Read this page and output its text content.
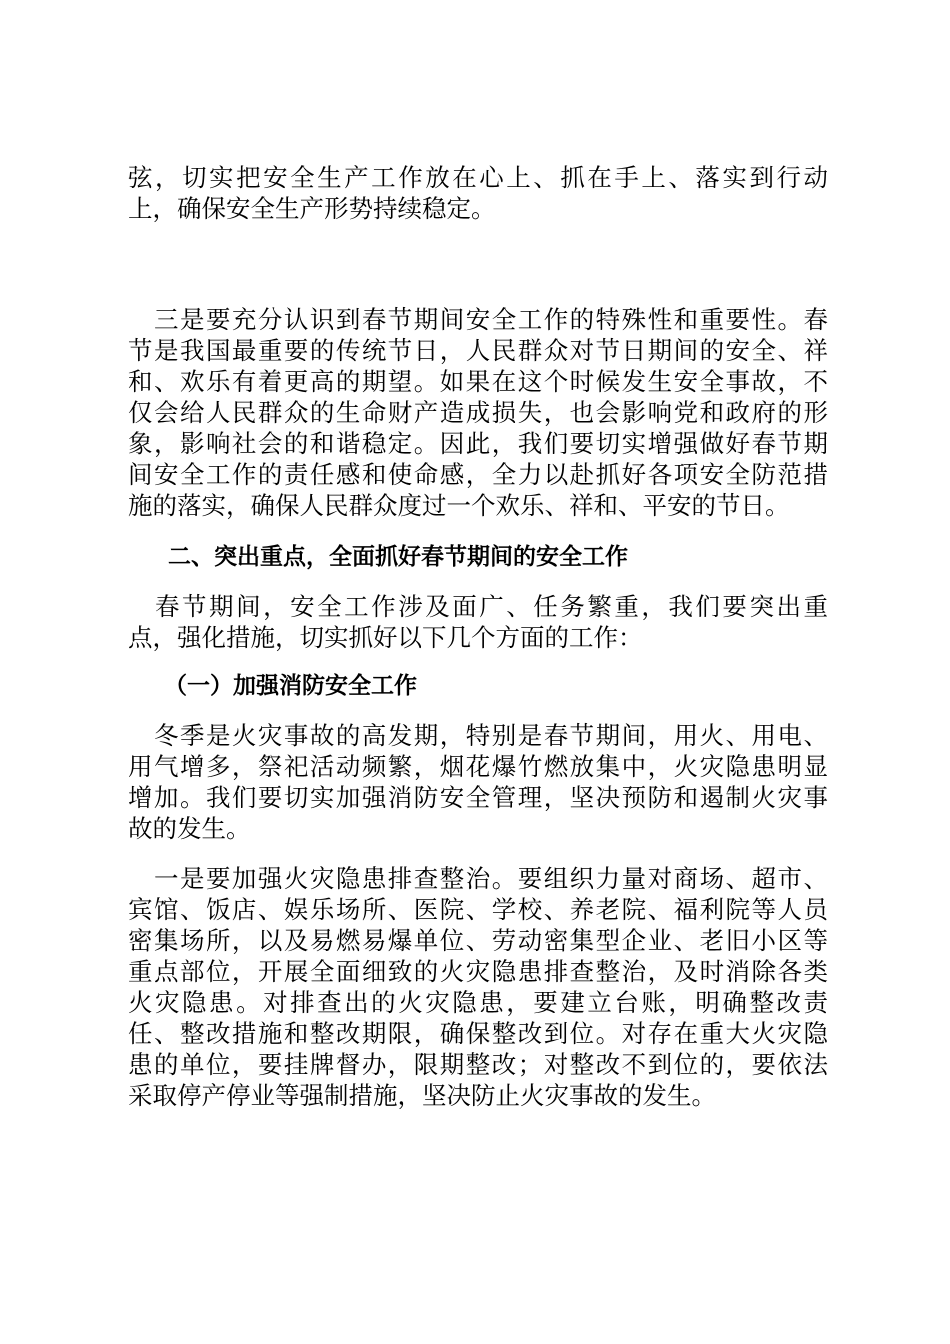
弦，切实把安全生产工作放在心上、抓在手上、落实到行动
上，确保安全生产形势持续稳定。
　三是要充分认识到春节期间安全工作的特殊性和重要性。春
节是我国最重要的传统节日，人民群众对节日期间的安全、祥
和、欢乐有着更高的期望。如果在这个时候发生安全事故，不
仅会给人民群众的生命财产造成损失，也会影响党和政府的形
象，影响社会的和谐稳定。因此，我们要切实增强做好春节期
间安全工作的责任感和使命感，全力以赴抓好各项安全防范措
施的落实，确保人民群众度过一个欢乐、祥和、平安的节日。

二、突出重点，全面抓好春节期间的安全工作

　春节期间，安全工作涉及面广、任务繁重，我们要突出重
点，强化措施，切实抓好以下几个方面的工作：

（一）加强消防安全工作

　冬季是火灾事故的高发期，特别是春节期间，用火、用电、
用气增多，祭祀活动频繁，烟花爆竹燃放集中，火灾隐患明显
增加。我们要切实加强消防安全管理，坚决预防和遏制火灾事
故的发生。
　一是要加强火灾隐患排查整治。要组织力量对商场、超市、
宾馆、饭店、娱乐场所、医院、学校、养老院、福利院等人员
密集场所，以及易燃易爆单位、劳动密集型企业、老旧小区等
重点部位，开展全面细致的火灾隐患排查整治，及时消除各类
火灾隐患。对排查出的火灾隐患，要建立台账，明确整改责
任、整改措施和整改期限，确保整改到位。对存在重大火灾隐
患的单位，要挂牌督办，限期整改；对整改不到位的，要依法
采取停产停业等强制措施，坚决防止火灾事故的发生。
